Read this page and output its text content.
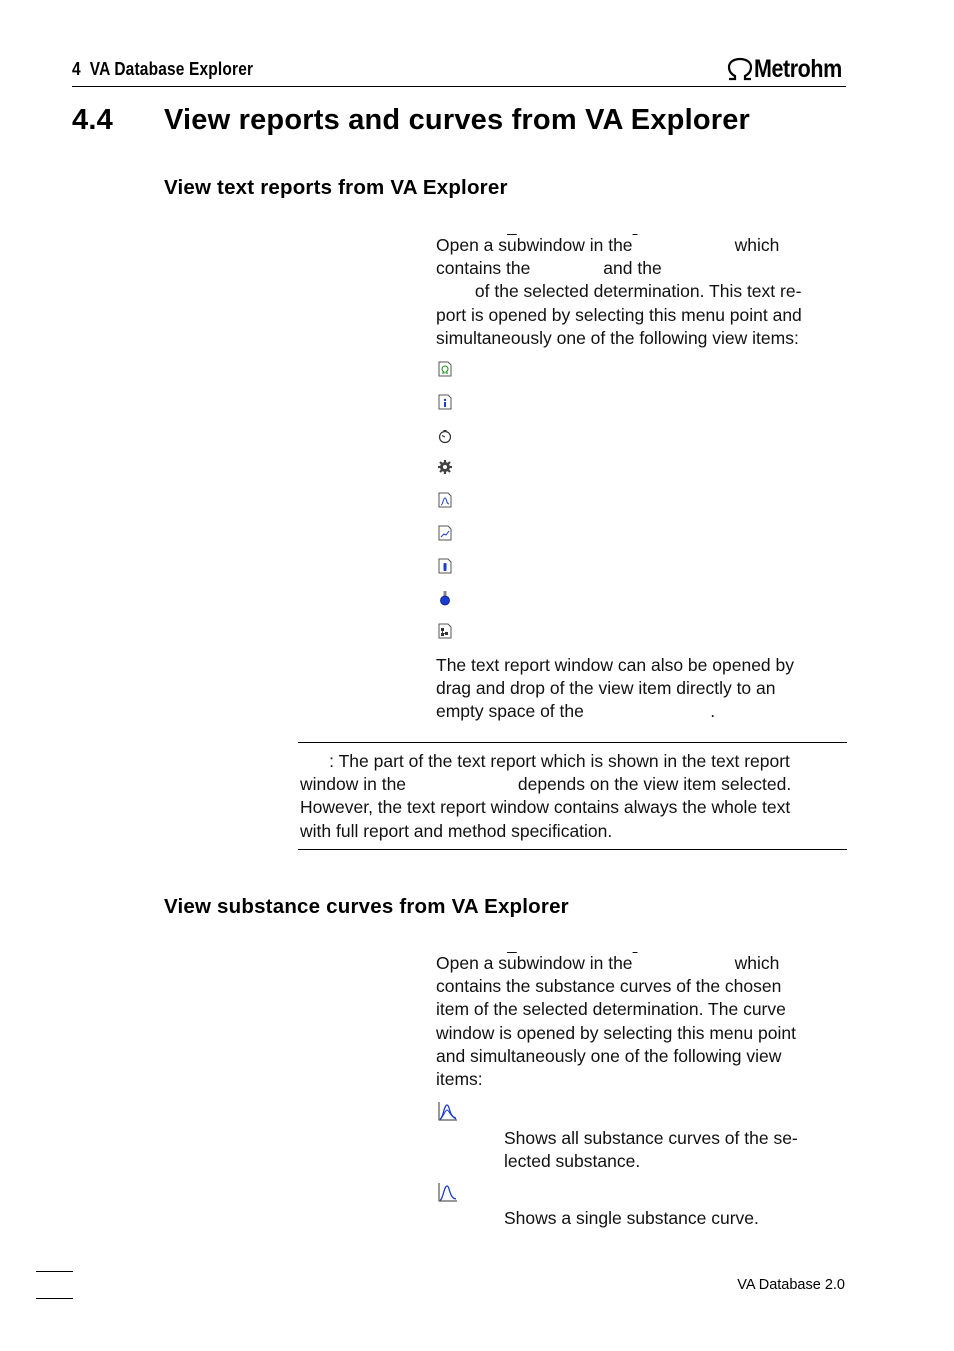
4  VA Database Explorer	Metrohm
4.4 View reports and curves from VA Explorer
View text reports from VA Explorer
Open a $s\overline{u}bwindow$ in the                     which
contains the               and the
of the selected determination. This text re-
port is opened by selecting this menu point and
simultaneously one of the following view items:
The text report window can also be opened by
drag and drop of the view item directly to an
empty space of the                          .
: The part of the text report which is shown in the text report
window in the                       depends on the view item selected.
However, the text report window contains always the whole text
with full report and method specification.
View substance curves from VA Explorer
Open a $s\overline{u}bwindow$ in the                     which
contains the substance curves of the chosen
item of the selected determination. The curve
window is opened by selecting this menu point
and simultaneously one of the following view
items:
Shows all substance curves of the se-
lected substance.
Shows a single substance curve.
VA Database 2.0
